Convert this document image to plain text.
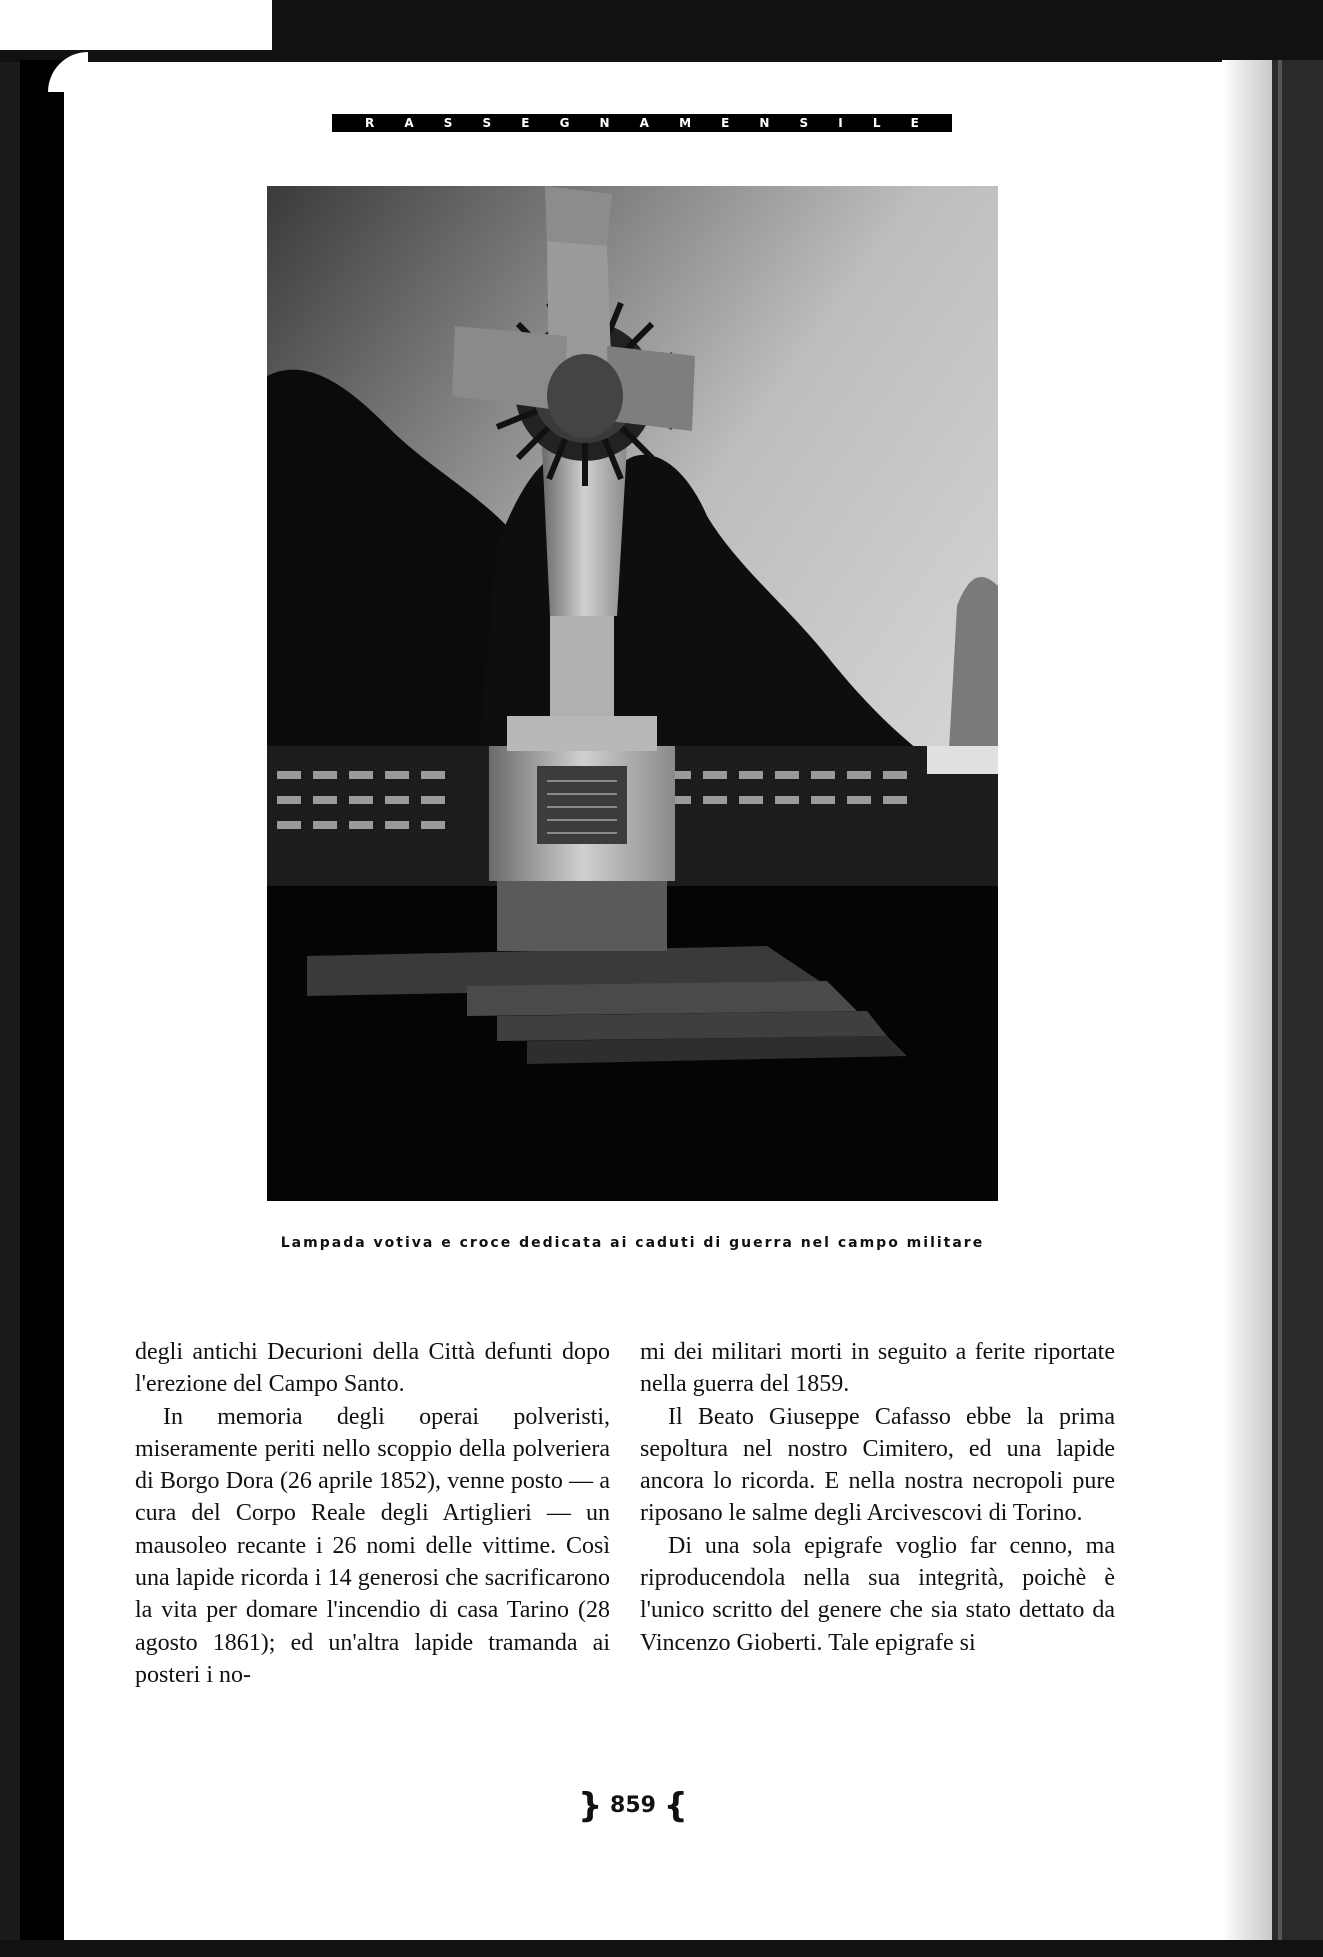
R	A	S	S	E	G	N	A	M	E	N	S	I	L	E
Lampada votiva e croce dedicata ai caduti di guerra nel campo militare

degli antichi Decurioni della Città defunti dopo l'erezione del Campo Santo.

In memoria degli operai polveristi, miseramente periti nello scoppio della polveriera di Borgo Dora (26 aprile 1852), venne posto — a cura del Corpo Reale degli Artiglieri — un mausoleo recante i 26 nomi delle vittime. Così una lapide ricorda i 14 generosi che sacrificarono la vita per domare l'incendio di casa Tarino (28 agosto 1861); ed un'altra lapide tramanda ai posteri i no-

mi dei militari morti in seguito a ferite riportate nella guerra del 1859.

Il Beato Giuseppe Cafasso ebbe la prima sepoltura nel nostro Cimitero, ed una lapide ancora lo ricorda. E nella nostra necropoli pure riposano le salme degli Arcivescovi di Torino.

Di una sola epigrafe voglio far cenno, ma riproducendola nella sua integrità, poichè è l'unico scritto del genere che sia stato dettato da Vincenzo Gioberti. Tale epigrafe si

} 859 {
